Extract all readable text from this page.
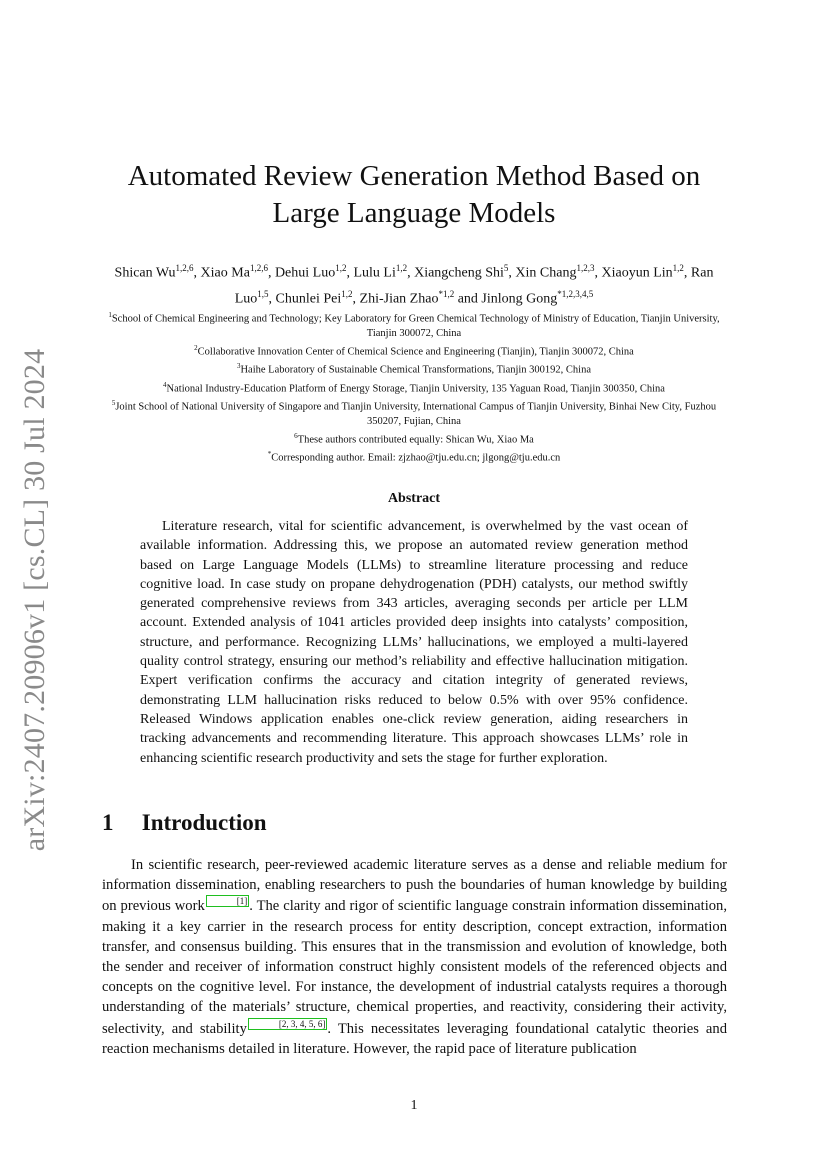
arXiv:2407.20906v1 [cs.CL] 30 Jul 2024
Automated Review Generation Method Based on
Large Language Models
Shican Wu$^{1,2,6}$, Xiao Ma$^{1,2,6}$, Dehui Luo$^{1,2}$, Lulu Li$^{1,2}$, Xiangcheng Shi$^5$, Xin Chang$^{1,2,3}$, Xiaoyun Lin$^{1,2}$, Ran Luo$^{1,5}$, Chunlei Pei$^{1,2}$, Zhi-Jian Zhao$^{*1,2}$ and Jinlong Gong$^{*1,2,3,4,5}$
$^1$School of Chemical Engineering and Technology; Key Laboratory for Green Chemical Technology of Ministry of Education, Tianjin University, Tianjin 300072, China
$^2$Collaborative Innovation Center of Chemical Science and Engineering (Tianjin), Tianjin 300072, China
$^3$Haihe Laboratory of Sustainable Chemical Transformations, Tianjin 300192, China
$^4$National Industry-Education Platform of Energy Storage, Tianjin University, 135 Yaguan Road, Tianjin 300350, China
$^5$Joint School of National University of Singapore and Tianjin University, International Campus of Tianjin University, Binhai New City, Fuzhou 350207, Fujian, China
$^6$These authors contributed equally: Shican Wu, Xiao Ma
*Corresponding author. Email: zjzhao@tju.edu.cn; jlgong@tju.edu.cn
Abstract
Literature research, vital for scientific advancement, is overwhelmed by the vast ocean of available information. Addressing this, we propose an automated review generation method based on Large Language Models (LLMs) to streamline literature processing and reduce cognitive load. In case study on propane dehydrogenation (PDH) catalysts, our method swiftly generated comprehensive reviews from 343 articles, averaging seconds per article per LLM account. Extended analysis of 1041 articles provided deep insights into catalysts’ composition, structure, and performance. Recognizing LLMs’ hallucinations, we employed a multi-layered quality control strategy, ensuring our method’s reliability and effective hallucination mitigation. Expert verification confirms the accuracy and citation integrity of generated reviews, demonstrating LLM hallucination risks reduced to below 0.5% with over 95% confidence. Released Windows application enables one-click review generation, aiding researchers in tracking advancements and recommending literature. This approach showcases LLMs’ role in enhancing scientific research productivity and sets the stage for further exploration.
1 Introduction
In scientific research, peer-reviewed academic literature serves as a dense and reliable medium for information dissemination, enabling researchers to push the boundaries of human knowledge by building on previous work	[1] . The clarity and rigor of scientific language constrain information dissemination, making it a key carrier in the research process for entity description, concept extraction, information transfer, and consensus building. This ensures that in the transmission and evolution of knowledge, both the sender and receiver of information construct highly consistent models of the referenced objects and concepts on the cognitive level. For instance, the development of industrial catalysts requires a thorough understanding of the materials’ structure, chemical properties, and reactivity, considering their activity, selectivity, and stability	[2, 3, 4, 5, 6] . This necessitates leveraging foundational catalytic theories and reaction mechanisms detailed in literature. However, the rapid pace of literature publication
1
